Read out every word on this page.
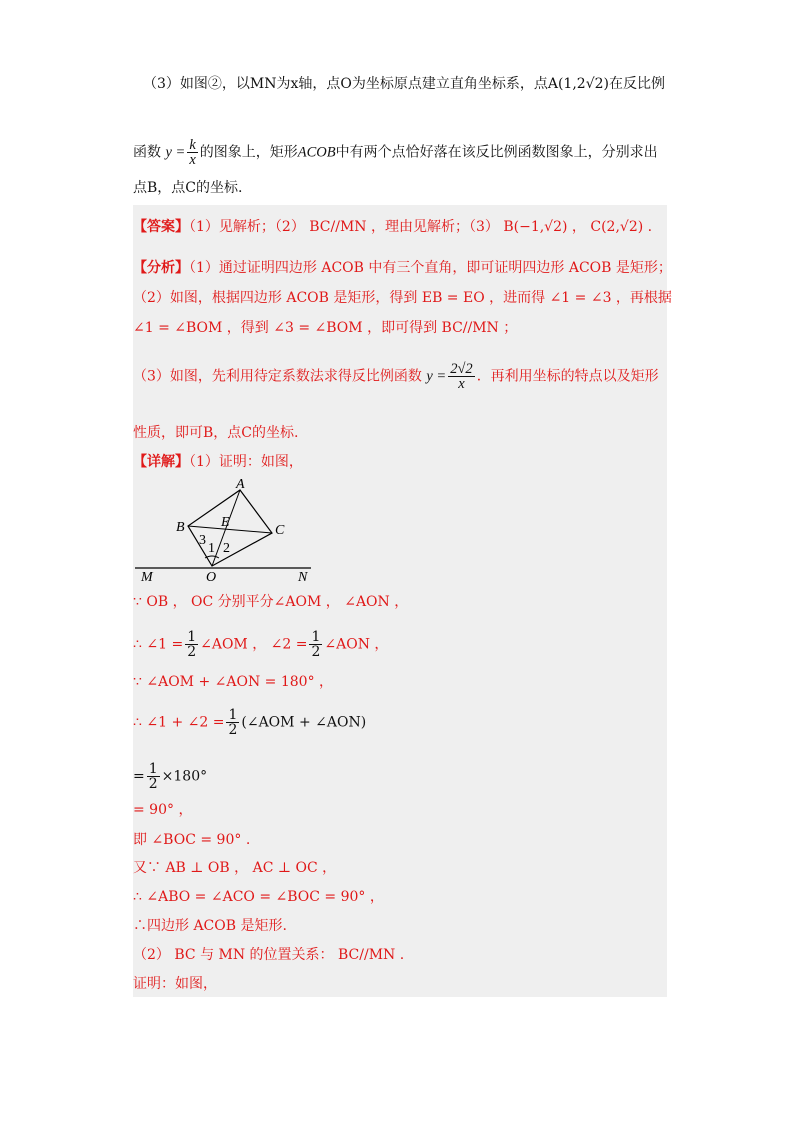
（3）如图②，以MN为x轴，点O为坐标原点建立直角坐标系，点A(1,2√2)在反比例
函数 $y = \frac{k}{x}$ 的图象上，矩形ACOB中有两个点恰好落在该反比例函数图象上，分别求出
点B，点C的坐标.
【答案】（1）见解析；（2） BC//MN ，理由见解析；（3） B(−1,√2) ， C(2,√2) .
【分析】（1）通过证明四边形 ACOB 中有三个直角，即可证明四边形 ACOB 是矩形；
（2）如图，根据四边形 ACOB 是矩形，得到 EB = EO ，进而得 ∠1 = ∠3 ，再根据
∠1 = ∠BOM ，得到 ∠3 = ∠BOM ，即可得到 BC//MN ；
（3）如图，先利用待定系数法求得反比例函数 $y = \frac{2√2}{x}$ ．再利用坐标的特点以及矩形
性质，即可B，点C的坐标.
【详解】（1）证明：如图，
A
B	C
E
O
M	N
3
1 2
∵ OB ， OC 分别平分∠AOM ， ∠AON ，
∴ ∠1 = $\frac{1}{2}$ ∠AOM ， ∠2 = $\frac{1}{2}$ ∠AON ，
∵ ∠AOM + ∠AON = 180° ，
∴ ∠1 + ∠2 = $\frac{1}{2}$ (∠AOM + ∠AON)
= $\frac{1}{2} \times 180^\circ$
= 90° ，
即 ∠BOC = 90° .
又∵ AB ⊥ OB ， AC ⊥ OC ，
∴ ∠ABO = ∠ACO = ∠BOC = 90° ，
∴四边形 ACOB 是矩形.
（2） BC 与 MN 的位置关系： BC//MN .
证明：如图，
